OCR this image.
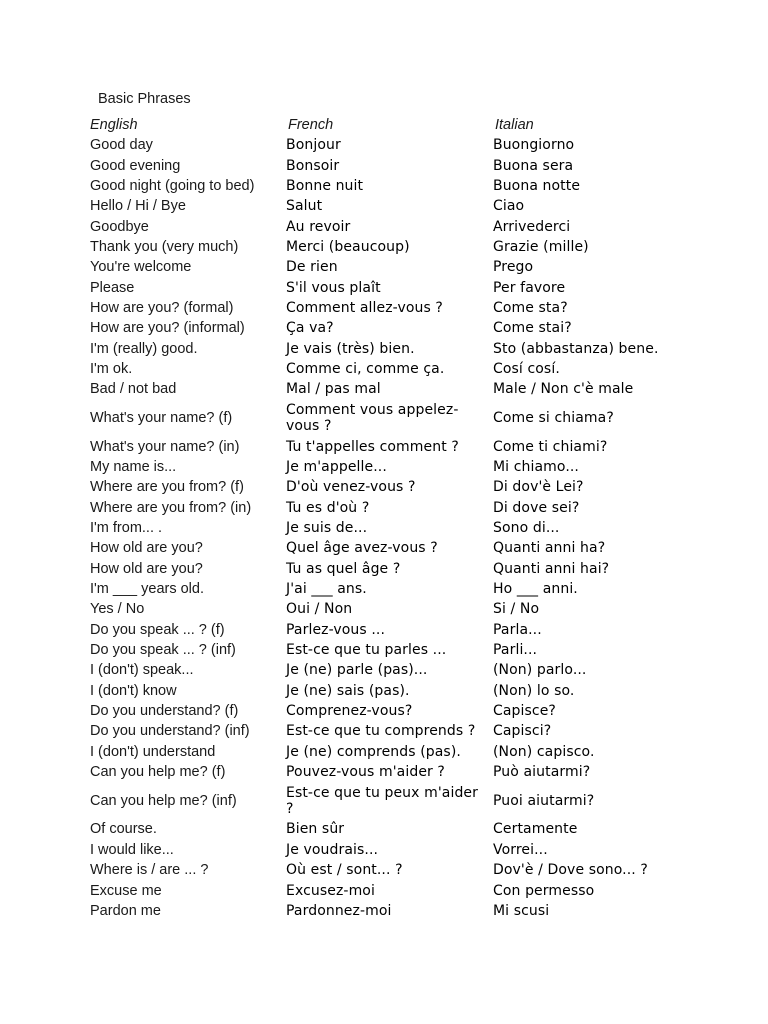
Basic Phrases
English	French	Italian
Good day	Bonjour	Buongiorno
Good evening	Bonsoir	Buona sera
Good night (going to bed)	Bonne nuit	Buona notte
Hello / Hi / Bye	Salut	Ciao
Goodbye	Au revoir	Arrivederci
Thank you (very much)	Merci (beaucoup)	Grazie (mille)
You're welcome	De rien	Prego
Please	S'il vous plaît	Per favore
How are you? (formal)	Comment allez-vous ?	Come sta?
How are you? (informal)	Ça va?	Come stai?
I'm (really) good.	Je vais (très) bien.	Sto (abbastanza) bene.
I'm ok.	Comme ci, comme ça.	Cosí cosí.
Bad / not bad	Mal / pas mal	Male / Non c'è male
What's your name? (f)	Comment vous appelez-vous ?	Come si chiama?
What's your name? (in)	Tu t'appelles comment ?	Come ti chiami?
My name is...	Je m'appelle...	Mi chiamo...
Where are you from? (f)	D'où venez-vous ?	Di dov'è Lei?
Where are you from? (in)	Tu es d'où ?	Di dove sei?
I'm from... .	Je suis de...	Sono di...
How old are you?	Quel âge avez-vous ?	Quanti anni ha?
How old are you?	Tu as quel âge ?	Quanti anni hai?
I'm ___ years old.	J'ai ___ ans.	Ho ___ anni.
Yes / No	Oui / Non	Si / No
Do you speak ... ? (f)	Parlez-vous ...	Parla...
Do you speak ... ? (inf)	Est-ce que tu parles ...	Parli...
I (don't) speak...	Je (ne) parle (pas)...	(Non) parlo...
I (don't) know	Je (ne) sais (pas).	(Non) lo so.
Do you understand? (f)	Comprenez-vous?	Capisce?
Do you understand? (inf)	Est-ce que tu comprends ?	Capisci?
I (don't) understand	Je (ne) comprends (pas).	(Non) capisco.
Can you help me? (f)	Pouvez-vous m'aider ?	Può aiutarmi?
Can you help me? (inf)	Est-ce que tu peux m'aider ?	Puoi aiutarmi?
Of course.	Bien sûr	Certamente
I would like...	Je voudrais...	Vorrei...
Where is / are ... ?	Où est / sont... ?	Dov'è / Dove sono... ?
Excuse me	Excusez-moi	Con permesso
Pardon me	Pardonnez-moi	Mi scusi
